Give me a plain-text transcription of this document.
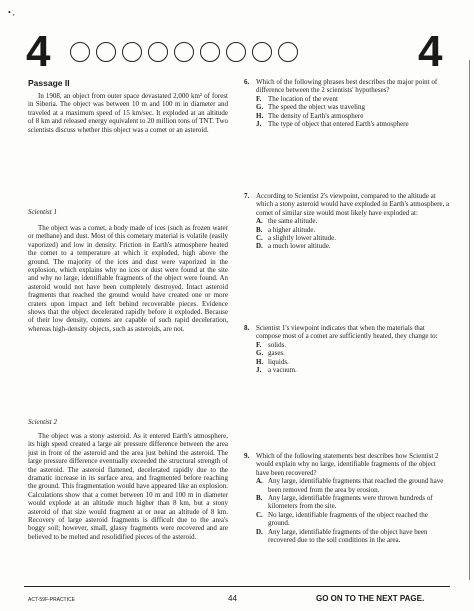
• ,
4	4
Passage II

In 1908, an object from outer space devastated 2,000 km² of forest in Siberia. The object was between 10 m and 100 m in diameter and traveled at a maximum speed of 15 km/sec. It exploded at an altitude of 8 km and released energy equivalent to 20 million tons of TNT. Two scientists discuss whether this object was a comet or an asteroid.

Scientist 1

The object was a comet, a body made of ices (such as frozen water or methane) and dust. Most of this cometary material is volatile (easily vaporized) and low in density. Friction in Earth's atmosphere heated the comet to a temperature at which it exploded, high above the ground. The majority of the ices and dust were vaporized in the explosion, which explains why no ices or dust were found at the site and why no large, identifiable fragments of the object were found. An asteroid would not have been completely destroyed. Intact asteroid fragments that reached the ground would have created one or more craters upon impact and left behind recoverable pieces. Evidence shows that the object decelerated rapidly before it exploded. Because of their low density, comets are capable of such rapid deceleration, whereas high-density objects, such as asteroids, are not.

Scientist 2

The object was a stony asteroid. As it entered Earth's atmosphere, its high speed created a large air pressure difference between the area just in front of the asteroid and the area just behind the asteroid. The large pressure difference eventually exceeded the structural strength of the asteroid. The asteroid flattened, decelerated rapidly due to the dramatic increase in its surface area, and fragmented before reaching the ground. This fragmentation would have appeared like an explosion. Calculations show that a comet between 10 m and 100 m in diameter would explode at an altitude much higher than 8 km, but a stony asteroid of that size would fragment at or near an altitude of 8 km. Recovery of large asteroid fragments is difficult due to the area's boggy soil; however, small, glassy fragments were recovered and are believed to be melted and resolidified pieces of the asteroid.

6. Which of the following phrases best describes the major point of difference between the 2 scientists' hypotheses?
F. The location of the event
G. The speed the object was traveling
H. The density of Earth's atmosphere
J. The type of object that entered Earth's atmosphere
7. According to Scientist 2's viewpoint, compared to the altitude at which a stony asteroid would have exploded in Earth's atmosphere, a comet of similar size would most likely have exploded at:
A. the same altitude.
B. a higher altitude.
C. a slightly lower altitude.
D. a much lower altitude.
8. Scientist 1's viewpoint indicates that when the materials that compose most of a comet are sufficiently heated, they change to:
F. solids.
G. gases.
H. liquids.
J. a vacuum.
9. Which of the following statements best describes how Scientist 2 would explain why no large, identifiable fragments of the object have been recovered?
A. Any large, identifiable fragments that reached the ground have been removed from the area by erosion.
B. Any large, identifiable fragments were thrown hundreds of kilometers from the site.
C. No large, identifiable fragments of the object reached the ground.
D. Any large, identifiable fragments of the object have been recovered due to the soil conditions in the area.
ACT-59F-PRACTICE	44	GO ON TO THE NEXT PAGE.
